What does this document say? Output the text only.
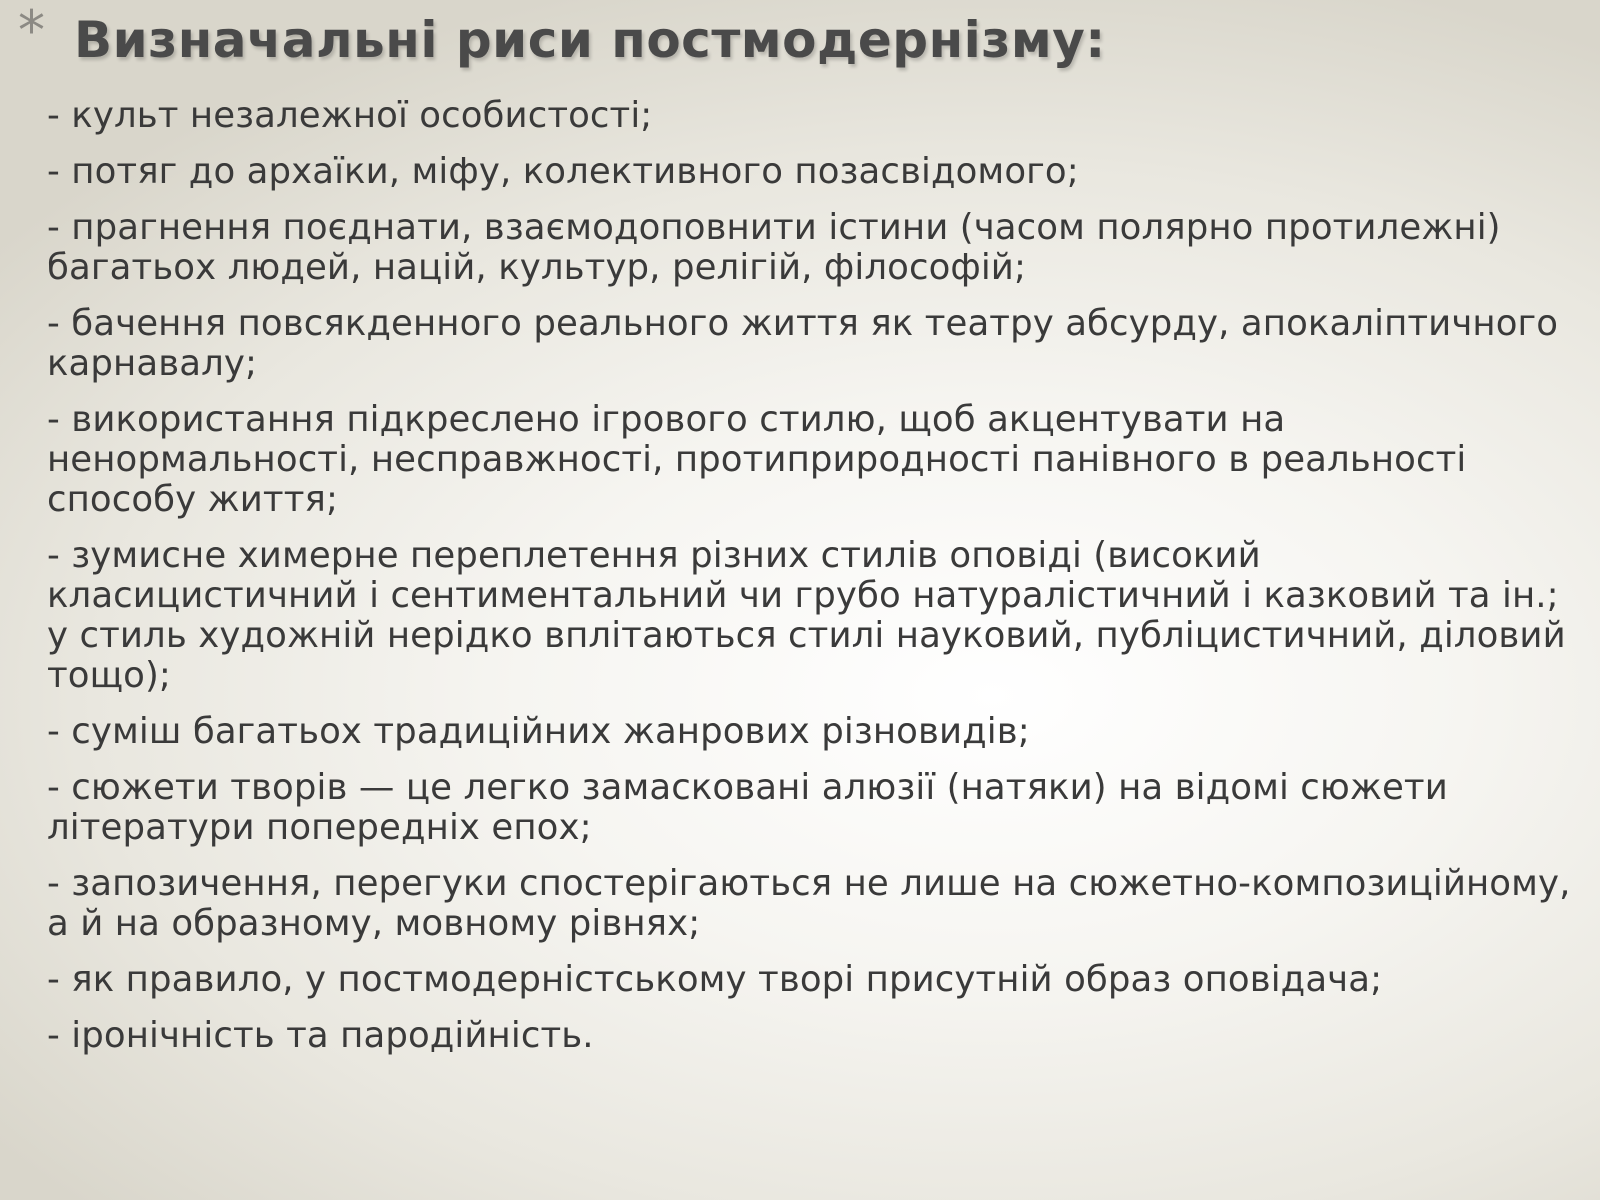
* Визначальні риси постмодернізму:

- культ незалежної особистості;

- потяг до архаїки, міфу, колективного позасвідомого;

- прагнення поєднати, взаємодоповнити істини (часом полярно протилежні) багатьох людей, націй, культур, релігій, філософій;

- бачення повсякденного реального життя як театру абсурду, апокаліптичного карнавалу;

- використання підкреслено ігрового стилю, щоб акцентувати на ненормальності, несправжності, протиприродності панівного в реальності способу життя;

- зумисне химерне переплетення різних стилів оповіді (високий класицистичний і сентиментальний чи грубо натуралістичний і казковий та ін.; у стиль художній нерідко вплітаються стилі науковий, публіцистичний, діловий тощо);

- суміш багатьох традиційних жанрових різновидів;

- сюжети творів — це легко замасковані алюзії (натяки) на відомі сюжети літератури попередніх епох;

- запозичення, перегуки спостерігаються не лише на сюжетно-композиційному, а й на образному, мовному рівнях;

- як правило, у постмодерністському творі присутній образ оповідача;

- іронічність та пародійність.
